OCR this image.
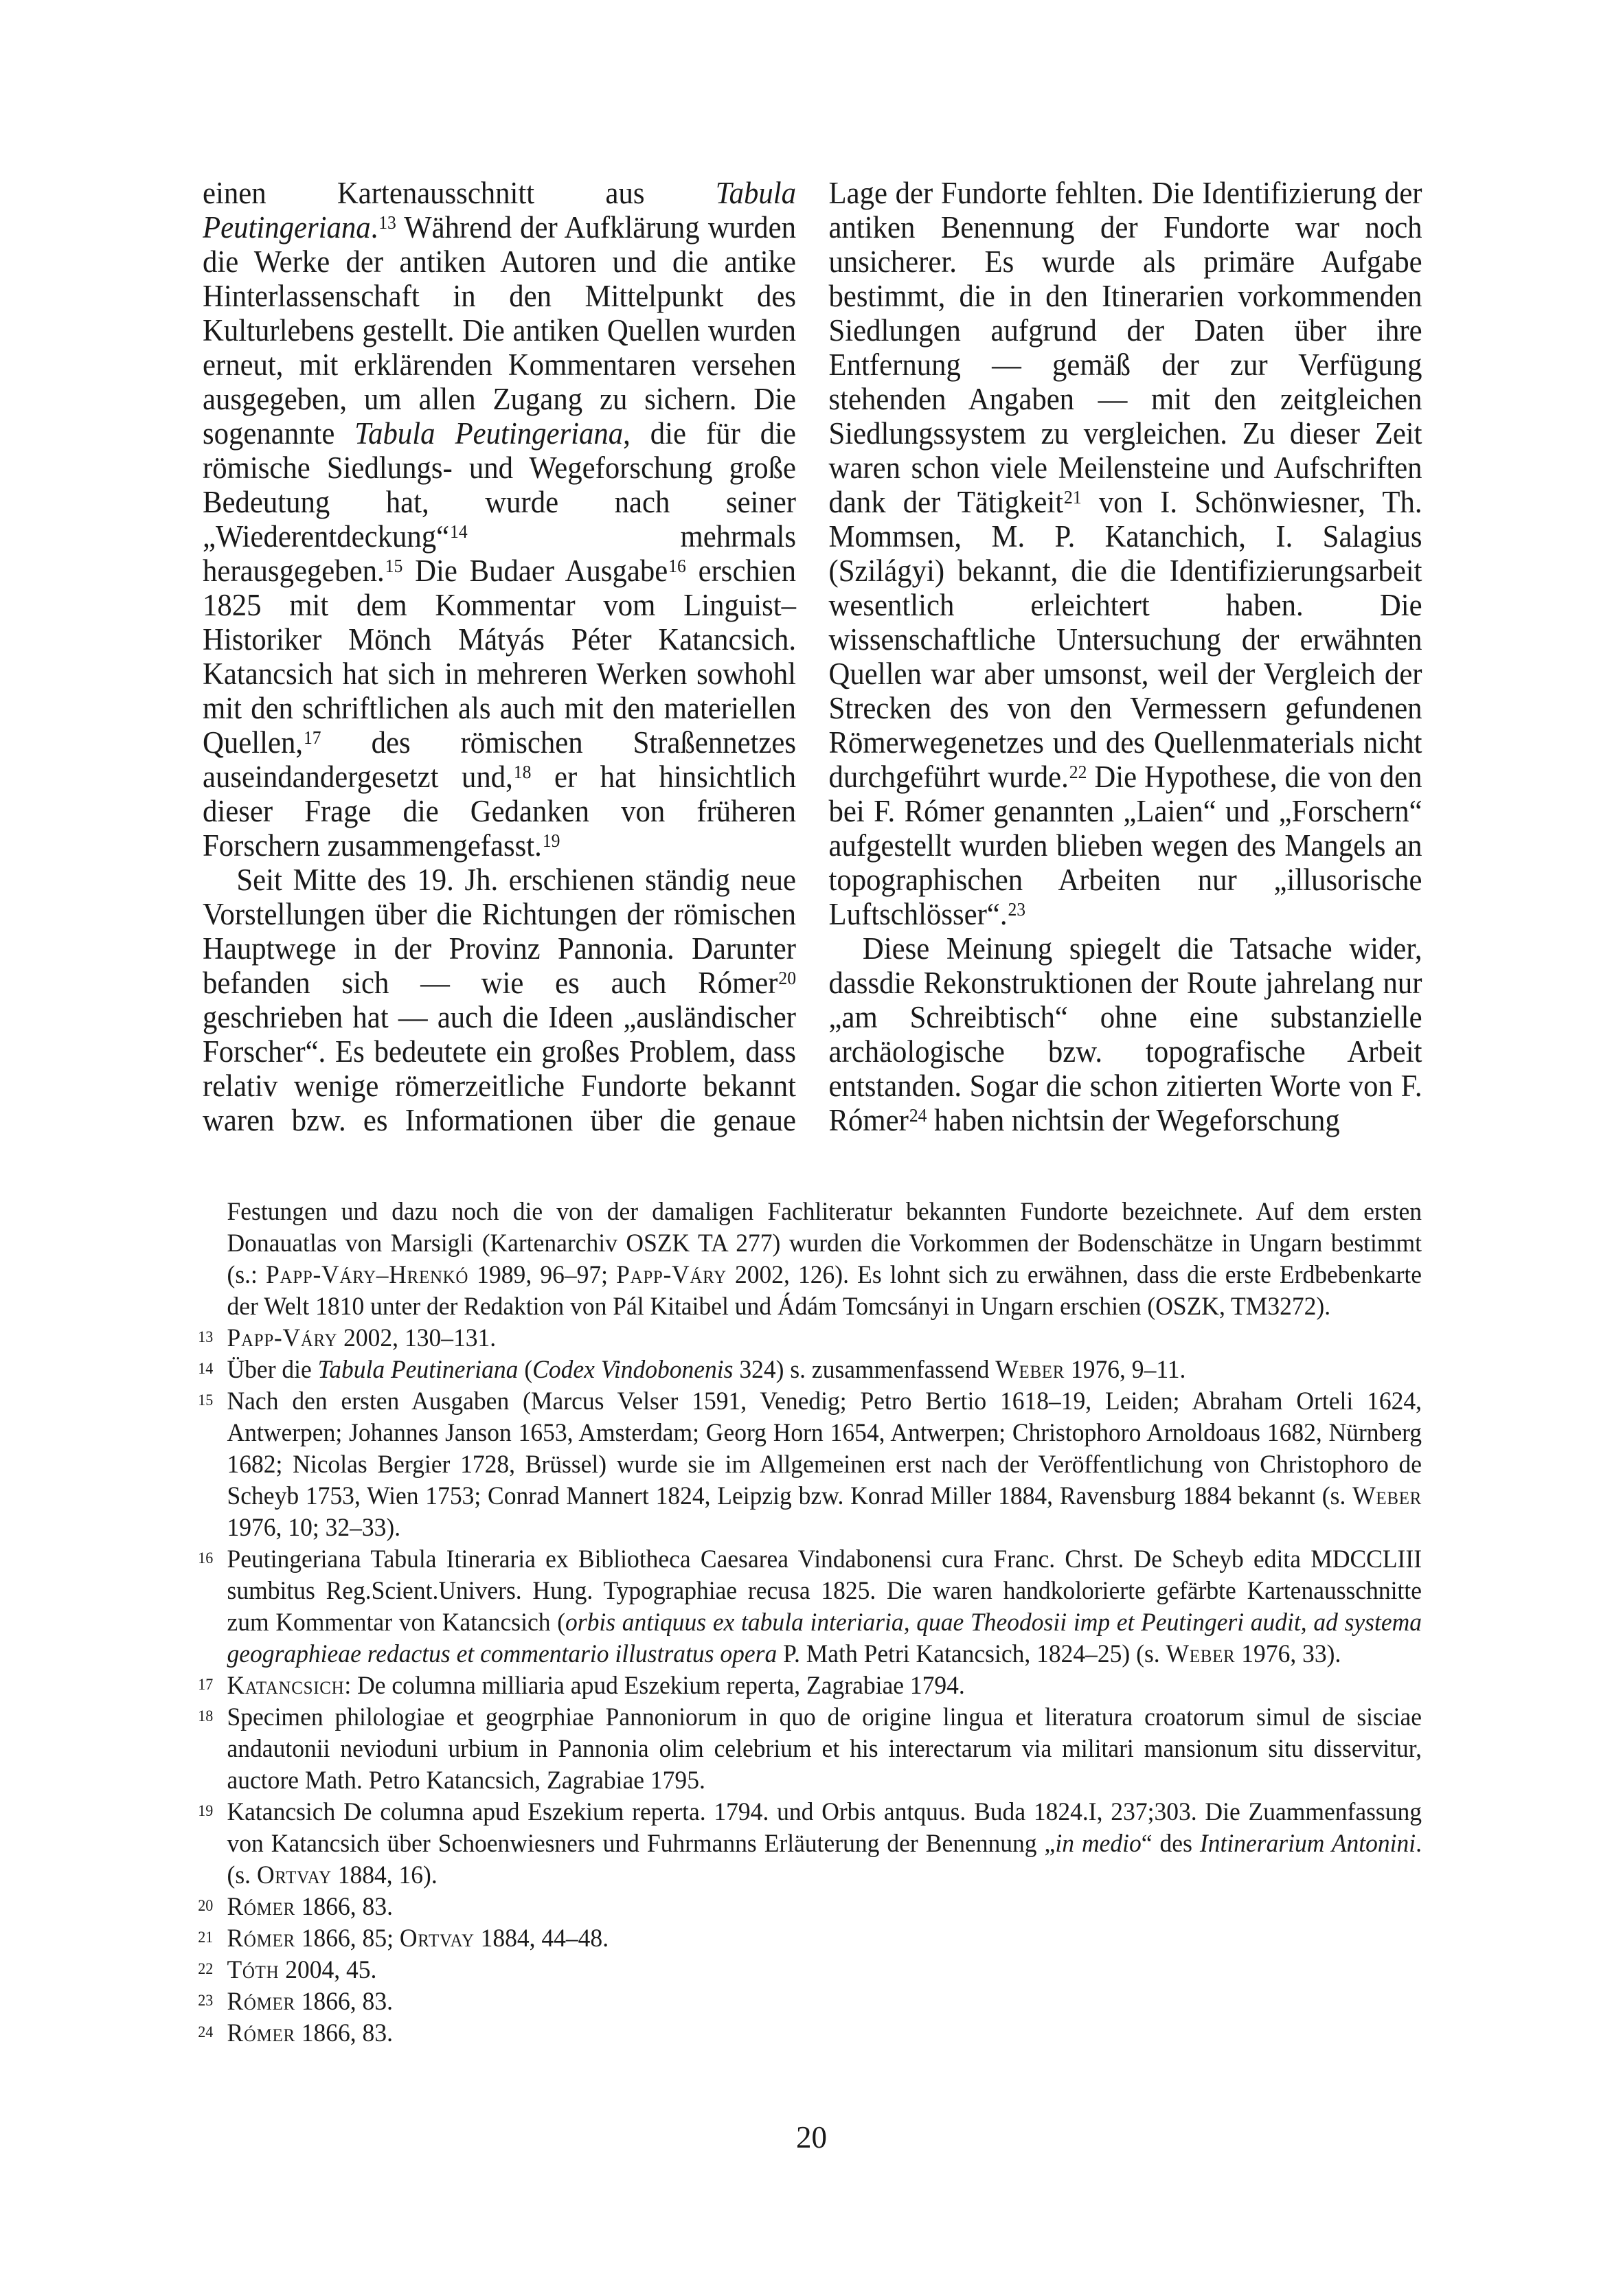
einen Kartenausschnitt aus Tabula Peutingeriana.$^{13}$ Während der Aufklärung wurden die Werke der antiken Autoren und die antike Hinterlassenschaft in den Mittelpunkt des Kulturlebens gestellt. Die antiken Quellen wurden erneut, mit erklärenden Kommentaren versehen ausgegeben, um allen Zugang zu sichern. Die sogenannte Tabula Peutingeriana, die für die römische Siedlungs- und Wegeforschung große Bedeutung hat, wurde nach seiner „Wiederentdeckung“$^{14}$ mehrmals herausgegeben.$^{15}$ Die Budaer Ausgabe$^{16}$ erschien 1825 mit dem Kommentar vom Linguist–Historiker Mönch Mátyás Péter Katancsich. Katancsich hat sich in mehreren Werken sowhohl mit den schriftlichen als auch mit den materiellen Quellen,$^{17}$ des römischen Straßennetzes auseindandergesetzt und,$^{18}$ er hat hinsichtlich dieser Frage die Gedanken von früheren Forschern zusammengefasst.$^{19}$

Seit Mitte des 19. Jh. erschienen ständig neue Vorstellungen über die Richtungen der römischen Hauptwege in der Provinz Pannonia. Darunter befanden sich — wie es auch Rómer$^{20}$ geschrieben hat — auch die Ideen „ausländischer Forscher“. Es bedeutete ein großes Problem, dass relativ wenige römerzeitliche Fundorte bekannt waren bzw. es Informationen über die genaue Lage der Fundorte fehlten. Die Identifizierung der antiken Benennung der Fundorte war noch unsicherer. Es wurde als primäre Aufgabe bestimmt, die in den Itinerarien vorkommenden Siedlungen aufgrund der Daten über ihre Entfernung — gemäß der zur Verfügung stehenden Angaben — mit den zeitgleichen Siedlungssystem zu vergleichen. Zu dieser Zeit waren schon viele Meilensteine und Aufschriften dank der Tätigkeit$^{21}$ von I. Schönwiesner, Th. Mommsen, M. P. Katanchich, I. Salagius (Szilágyi) bekannt, die die Identifizierungsarbeit wesentlich erleichtert haben. Die wissenschaftliche Untersuchung der erwähnten Quellen war aber umsonst, weil der Vergleich der Strecken des von den Vermessern gefundenen Römerwegenetzes und des Quellenmaterials nicht durchgeführt wurde.$^{22}$ Die Hypothese, die von den bei F. Rómer genannten „Laien“ und „Forschern“ aufgestellt wurden blieben wegen des Mangels an topographischen Arbeiten nur „illusorische Luftschlösser“.$^{23}$

Diese Meinung spiegelt die Tatsache wider, dassdie Rekonstruktionen der Route jahrelang nur „am Schreibtisch“ ohne eine substanzielle archäologische bzw. topografische Arbeit entstanden. Sogar die schon zitierten Worte von F. Rómer$^{24}$ haben nichtsin der Wegeforschung

Festungen und dazu noch die von der damaligen Fachliteratur bekannten Fundorte bezeichnete. Auf dem ersten Donauatlas von Marsigli (Kartenarchiv OSZK TA 277) wurden die Vorkommen der Bodenschätze in Ungarn bestimmt (s.: Papp-Váry–Hrenkó 1989, 96–97; Papp-Váry 2002, 126). Es lohnt sich zu erwähnen, dass die erste Erdbebenkarte der Welt 1810 unter der Redaktion von Pál Kitaibel und Ádám Tomcsányi in Ungarn erschien (OSZK, TM3272).
13 Papp-Váry 2002, 130–131.
14 Über die Tabula Peutineriana (Codex Vindobonenis 324) s. zusammenfassend Weber 1976, 9–11.
15 Nach den ersten Ausgaben (Marcus Velser 1591, Venedig; Petro Bertio 1618–19, Leiden; Abraham Orteli 1624, Antwerpen; Johannes Janson 1653, Amsterdam; Georg Horn 1654, Antwerpen; Christophoro Arnoldoaus 1682, Nürnberg 1682; Nicolas Bergier 1728, Brüssel) wurde sie im Allgemeinen erst nach der Veröffentlichung von Christophoro de Scheyb 1753, Wien 1753; Conrad Mannert 1824, Leipzig bzw. Konrad Miller 1884, Ravensburg 1884 bekannt (s. Weber 1976, 10; 32–33).
16 Peutingeriana Tabula Itineraria ex Bibliotheca Caesarea Vindabonensi cura Franc. Chrst. De Scheyb edita MDCCLIII sumbitus Reg.Scient.Univers. Hung. Typographiae recusa 1825. Die waren handkolorierte gefärbte Kartenausschnitte zum Kommentar von Katancsich (orbis antiquus ex tabula interiaria, quae Theodosii imp et Peutingeri audit, ad systema geographieae redactus et commentario illustratus opera P. Math Petri Katancsich, 1824–25) (s. Weber 1976, 33).
17 Katancsich: De columna milliaria apud Eszekium reperta, Zagrabiae 1794.
18 Specimen philologiae et geogrphiae Pannoniorum in quo de origine lingua et literatura croatorum simul de sisciae andautonii nevioduni urbium in Pannonia olim celebrium et his interectarum via militari mansionum situ disservitur, auctore Math. Petro Katancsich, Zagrabiae 1795.
19 Katancsich De columna apud Eszekium reperta. 1794. und Orbis antquus. Buda 1824.I, 237;303. Die Zuammenfassung von Katancsich über Schoenwiesners und Fuhrmanns Erläuterung der Benennung „in medio“ des Intinerarium Antonini. (s. Ortvay 1884, 16).
20 Rómer 1866, 83.
21 Rómer 1866, 85; Ortvay 1884, 44–48.
22 Tóth 2004, 45.
23 Rómer 1866, 83.
24 Rómer 1866, 83.
20
